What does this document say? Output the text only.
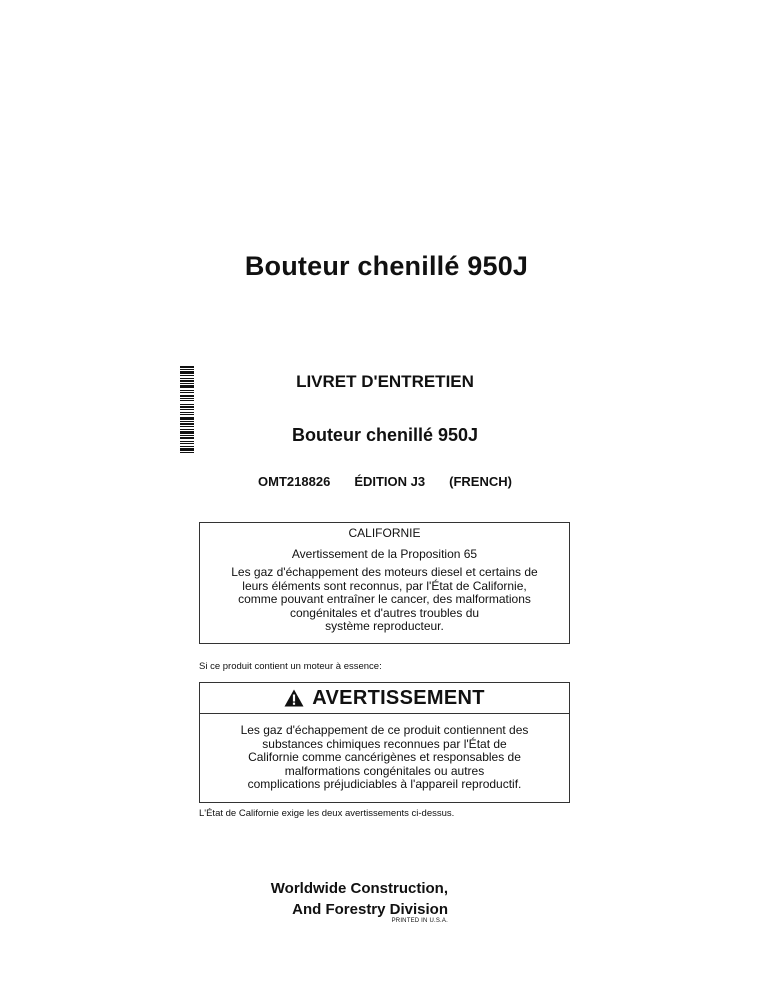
Bouteur chenillé 950J
LIVRET D'ENTRETIEN
Bouteur chenillé 950J
OMT218826 ÉDITION J3 (FRENCH)
CALIFORNIE
Avertissement de la Proposition 65
Les gaz d'échappement des moteurs diesel et certains de
leurs éléments sont reconnus, par l'État de Californie,
comme pouvant entraîner le cancer, des malformations
congénitales et d'autres troubles du
système reproducteur.
Si ce produit contient un moteur à essence:
AVERTISSEMENT
Les gaz d'échappement de ce produit contiennent des
substances chimiques reconnues par l'État de
Californie comme cancérigènes et responsables de
malformations congénitales ou autres
complications préjudiciables à l'appareil reproductif.
L'État de Californie exige les deux avertissements ci-dessus.
Worldwide Construction,
And Forestry Division
PRINTED IN U.S.A.
